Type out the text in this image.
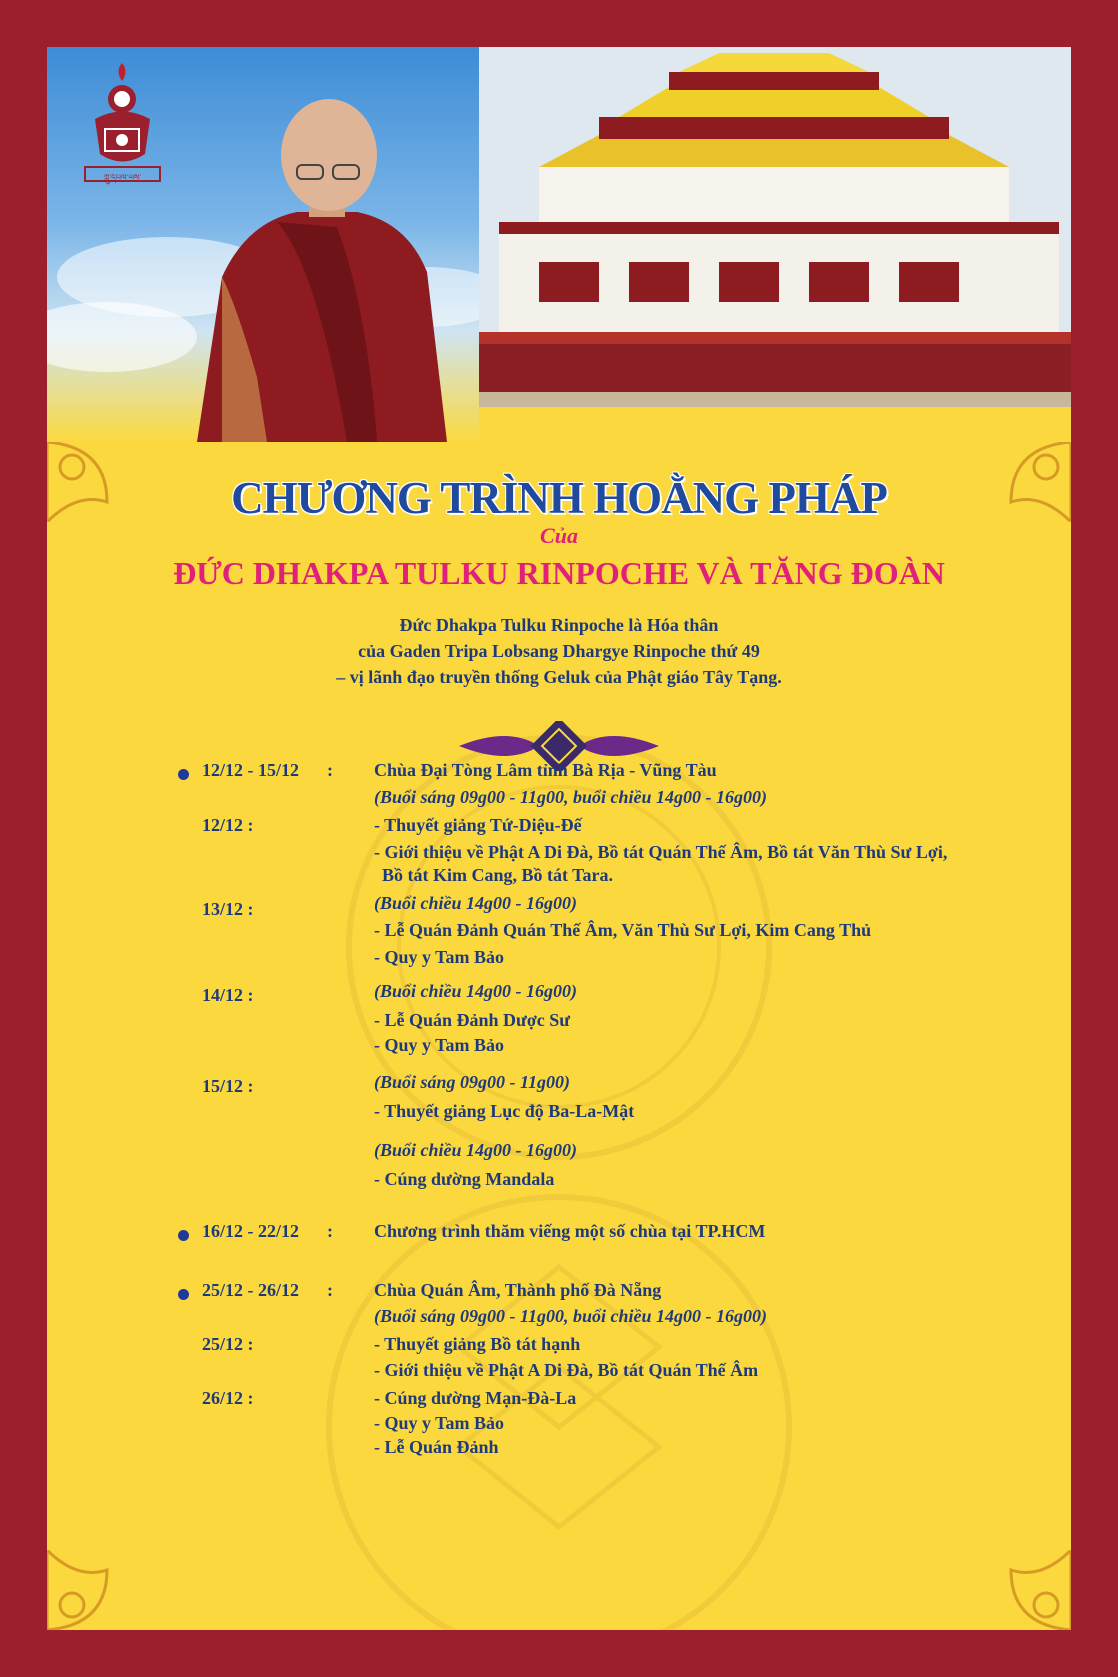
ཀླུ་དཔལ་ཡས་
CHƯƠNG TRÌNH HOẰNG PHÁP
Của
ĐỨC DHAKPA TULKU RINPOCHE VÀ TĂNG ĐOÀN
Đức Dhakpa Tulku Rinpoche là Hóa thân
của Gaden Tripa Lobsang Dhargye Rinpoche thứ 49
– vị lãnh đạo truyền thống Geluk của Phật giáo Tây Tạng.
12/12 - 15/12 : Chùa Đại Tòng Lâm tỉnh Bà Rịa - Vũng Tàu
(Buổi sáng 09g00 - 11g00, buổi chiều 14g00 - 16g00)
12/12 :	- Thuyết giảng Tứ-Diệu-Đế
- Giới thiệu về Phật A Di Đà, Bồ tát Quán Thế Âm, Bồ tát Văn Thù Sư Lợi,
Bồ tát Kim Cang, Bồ tát Tara.
13/12 :	(Buổi chiều 14g00 - 16g00)
- Lễ Quán Đảnh Quán Thế Âm, Văn Thù Sư Lợi, Kim Cang Thủ
- Quy y Tam Bảo
14/12 :	(Buổi chiều 14g00 - 16g00)
- Lễ Quán Đảnh Dược Sư
- Quy y Tam Bảo
15/12 :	(Buổi sáng 09g00 - 11g00)
- Thuyết giảng Lục độ Ba-La-Mật
(Buổi chiều 14g00 - 16g00)
- Cúng dường Mandala
16/12 - 22/12 : Chương trình thăm viếng một số chùa tại TP.HCM
25/12 - 26/12 : Chùa Quán Âm, Thành phố Đà Nẵng
(Buổi sáng 09g00 - 11g00, buổi chiều 14g00 - 16g00)
25/12 :	- Thuyết giảng Bồ tát hạnh
- Giới thiệu về Phật A Di Đà, Bồ tát Quán Thế Âm
26/12 :	- Cúng dường Mạn-Đà-La
- Quy y Tam Bảo
- Lễ Quán Đảnh
